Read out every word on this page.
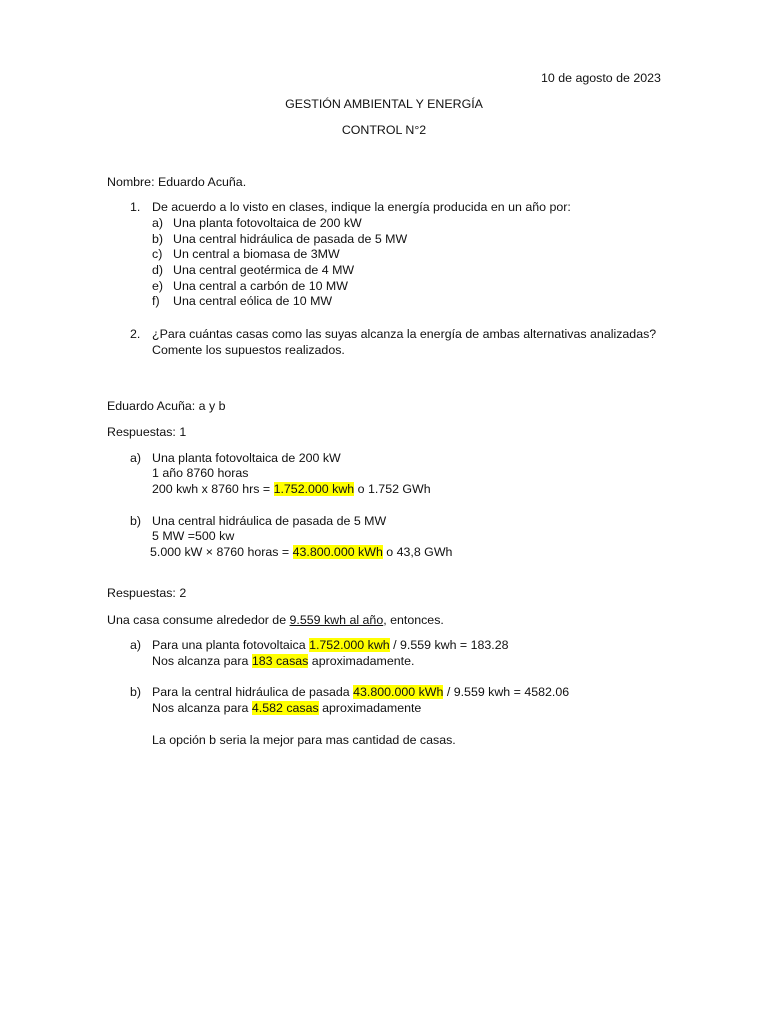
10 de agosto de 2023
GESTIÓN AMBIENTAL Y ENERGÍA
CONTROL N°2
Nombre: Eduardo Acuña.
1. De acuerdo a lo visto en clases, indique la energía producida en un año por:
a) Una planta fotovoltaica de 200 kW
b) Una central hidráulica de pasada de 5 MW
c) Un central a biomasa de 3MW
d) Una central geotérmica de 4 MW
e) Una central a carbón de 10 MW
f) Una central eólica de 10 MW
2. ¿Para cuántas casas como las suyas alcanza la energía de ambas alternativas analizadas?
Comente los supuestos realizados.
Eduardo Acuña: a y b
Respuestas: 1
a) Una planta fotovoltaica de 200 kW
1 año 8760 horas
200 kwh x 8760 hrs = 1.752.000 kwh o 1.752 GWh
b) Una central hidráulica de pasada de 5 MW
5 MW =500 kw
5.000 kW × 8760 horas = 43.800.000 kWh o 43,8 GWh
Respuestas: 2
Una casa consume alrededor de 9.559 kwh al año, entonces.
a) Para una planta fotovoltaica 1.752.000 kwh / 9.559 kwh = 183.28
Nos alcanza para 183 casas aproximadamente.
b) Para la central hidráulica de pasada 43.800.000 kWh / 9.559 kwh = 4582.06
Nos alcanza para 4.582 casas aproximadamente
La opción b seria la mejor para mas cantidad de casas.
